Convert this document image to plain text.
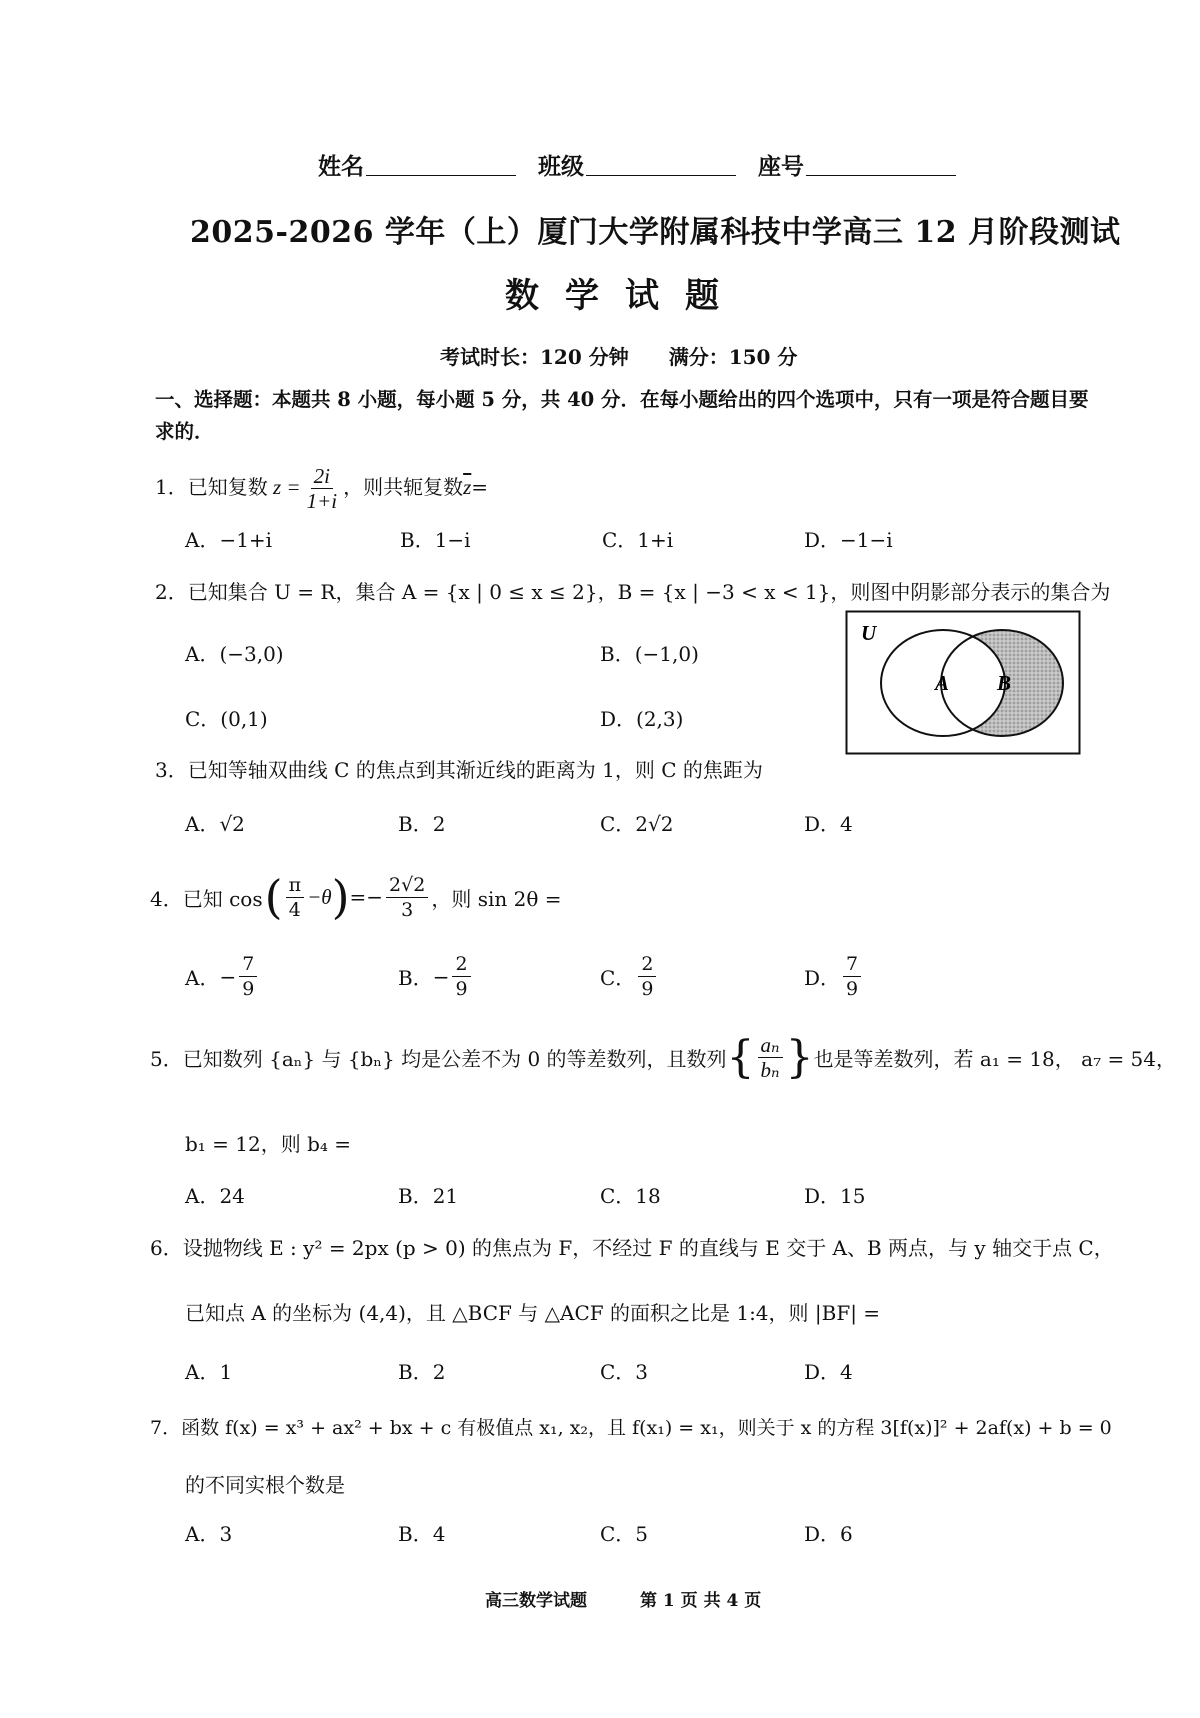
姓名	班级	座号
2025-2026 学年（上）厦门大学附属科技中学高三 12 月阶段测试
数学试题
考试时长：120 分钟　　满分：150 分
一、选择题：本题共 8 小题，每小题 5 分，共 40 分．在每小题给出的四个选项中，只有一项是符合题目要求的．
1．已知复数 $z = \frac{2i}{1+i}$ ，则共轭复数$\overline{z}=$
A．−1+i	B．1−i	C．1+i	D．−1−i
2．已知集合 U = R，集合 A = {x | 0 ≤ x ≤ 2}，B = {x | −3 < x < 1}，则图中阴影部分表示的集合为
A．(−3,0)	B．(−1,0)
C．(0,1)	D．(2,3)
U
A B
3．已知等轴双曲线 C 的焦点到其渐近线的距离为 1，则 C 的焦距为
A．√2	B．2	C．2√2	D．4
4． 已知 cos ( $\frac{\pi}{4} -\theta$ ) = − $\frac{2√2}{3}$ ，则 sin 2θ =
A． − $\frac{7}{9}$	B． − $\frac{2}{9}$	C． $\frac{2}{9}$	D． $\frac{7}{9}$
5． 已知数列 {aₙ} 与 {bₙ} 均是公差不为 0 的等差数列，且数列 { $\frac{\text{aₙ}}{\text{bₙ}}$ } 也是等差数列，若 a₁ = 18， a₇ = 54，
b₁ = 12，则 b₄ =
A．24	B．21	C．18	D．15
6．设抛物线 E : y² = 2px (p > 0) 的焦点为 F，不经过 F 的直线与 E 交于 A、B 两点，与 y 轴交于点 C，
已知点 A 的坐标为 (4,4)，且 △BCF 与 △ACF 的面积之比是 1:4，则 |BF| =
A．1	B．2	C．3	D．4
7．函数 f(x) = x³ + ax² + bx + c 有极值点 x₁, x₂，且 f(x₁) = x₁，则关于 x 的方程 3[f(x)]² + 2af(x) + b = 0
的不同实根个数是
A．3	B．4	C．5	D．6
高三数学试题	第 1 页 共 4 页
